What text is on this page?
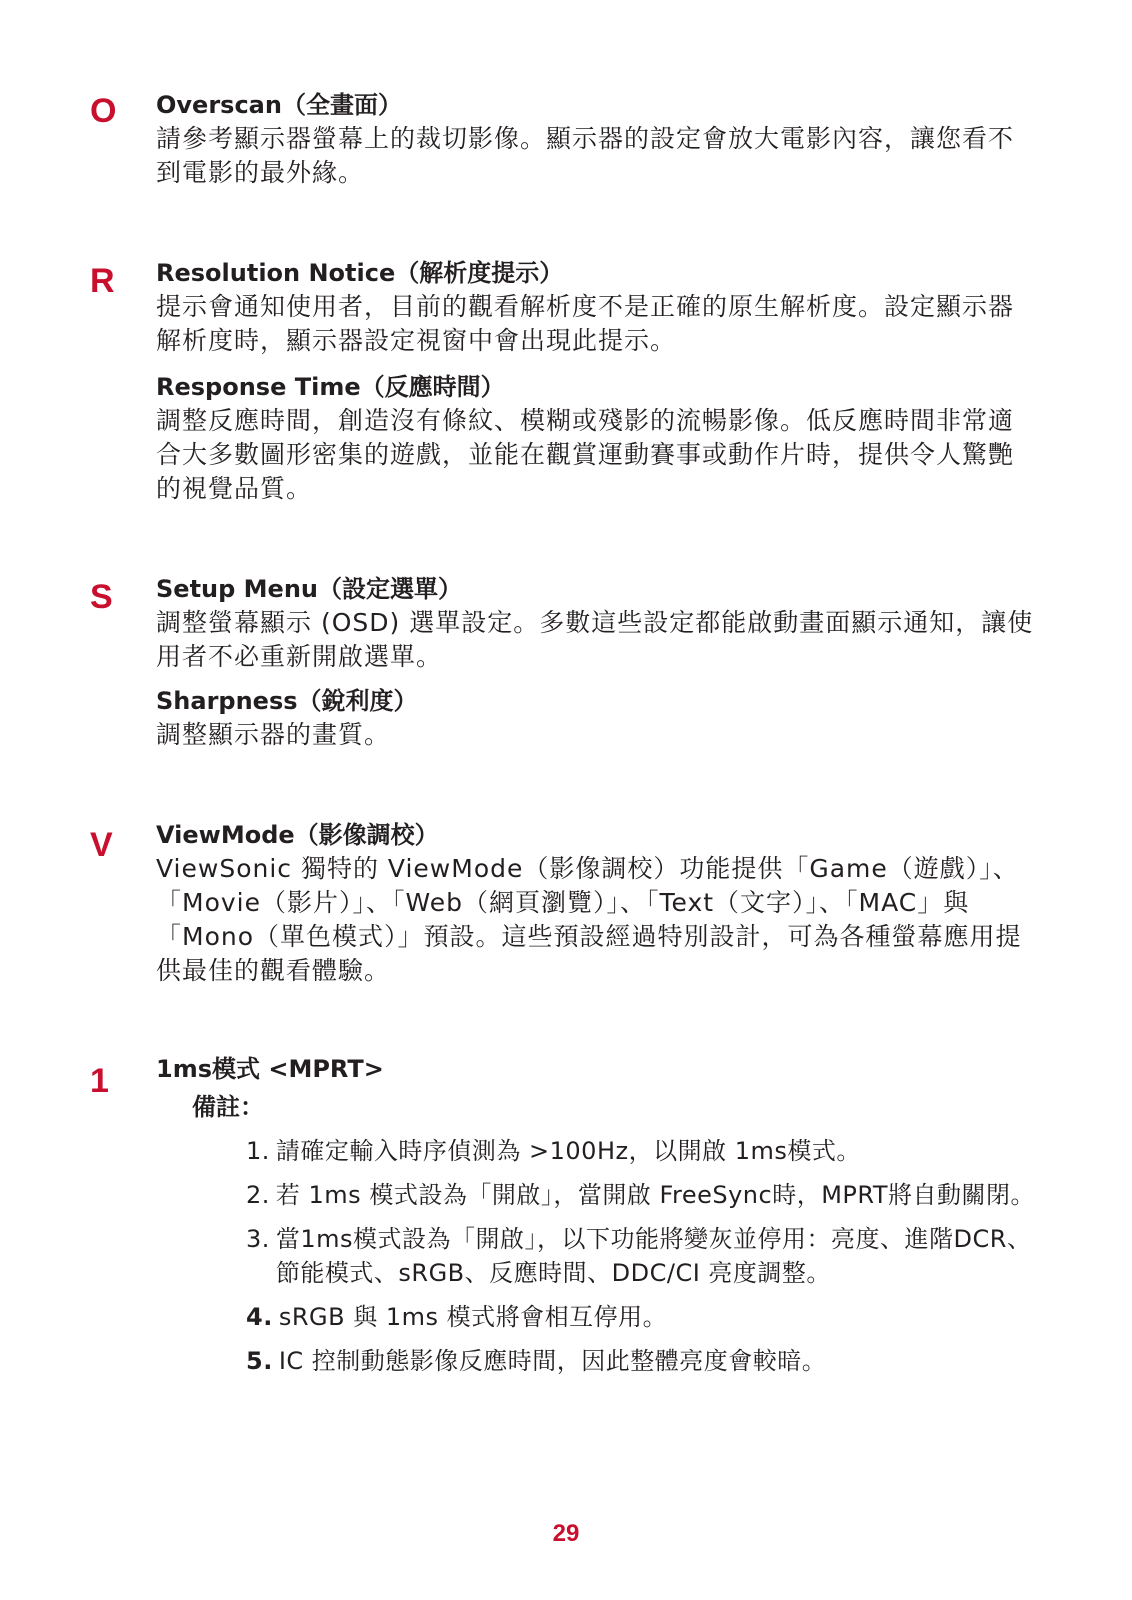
O	Overscan（全畫面）

請參考顯示器螢幕上的裁切影像。顯示器的設定會放大電影內容，讓您看不到電影的最外緣。

R	Resolution Notice（解析度提示）

提示會通知使用者，目前的觀看解析度不是正確的原生解析度。設定顯示器解析度時，顯示器設定視窗中會出現此提示。

Response Time（反應時間）

調整反應時間，創造沒有條紋、模糊或殘影的流暢影像。低反應時間非常適合大多數圖形密集的遊戲，並能在觀賞運動賽事或動作片時，提供令人驚艷的視覺品質。

S	Setup Menu（設定選單）

調整螢幕顯示 (OSD) 選單設定。多數這些設定都能啟動畫面顯示通知，讓使用者不必重新開啟選單。

Sharpness（銳利度）

調整顯示器的畫質。

V	ViewMode（影像調校）

ViewSonic 獨特的 ViewMode（影像調校）功能提供「Game（遊戲）」、「Movie（影片）」、「Web（網頁瀏覽）」、「Text（文字）」、「MAC」與「Mono（單色模式）」預設。這些預設經過特別設計，可為各種螢幕應用提供最佳的觀看體驗。

1	1ms模式 <MPRT>
備註：
1. 請確定輸入時序偵測為 >100Hz，以開啟 1ms模式。
2. 若 1ms 模式設為「開啟」，當開啟 FreeSync時，MPRT將自動關閉。
3. 當1ms模式設為「開啟」，以下功能將變灰並停用：亮度、進階DCR、節能模式、sRGB、反應時間、DDC/CI 亮度調整。
4. sRGB 與 1ms 模式將會相互停用。
5. IC 控制動態影像反應時間，因此整體亮度會較暗。
29
